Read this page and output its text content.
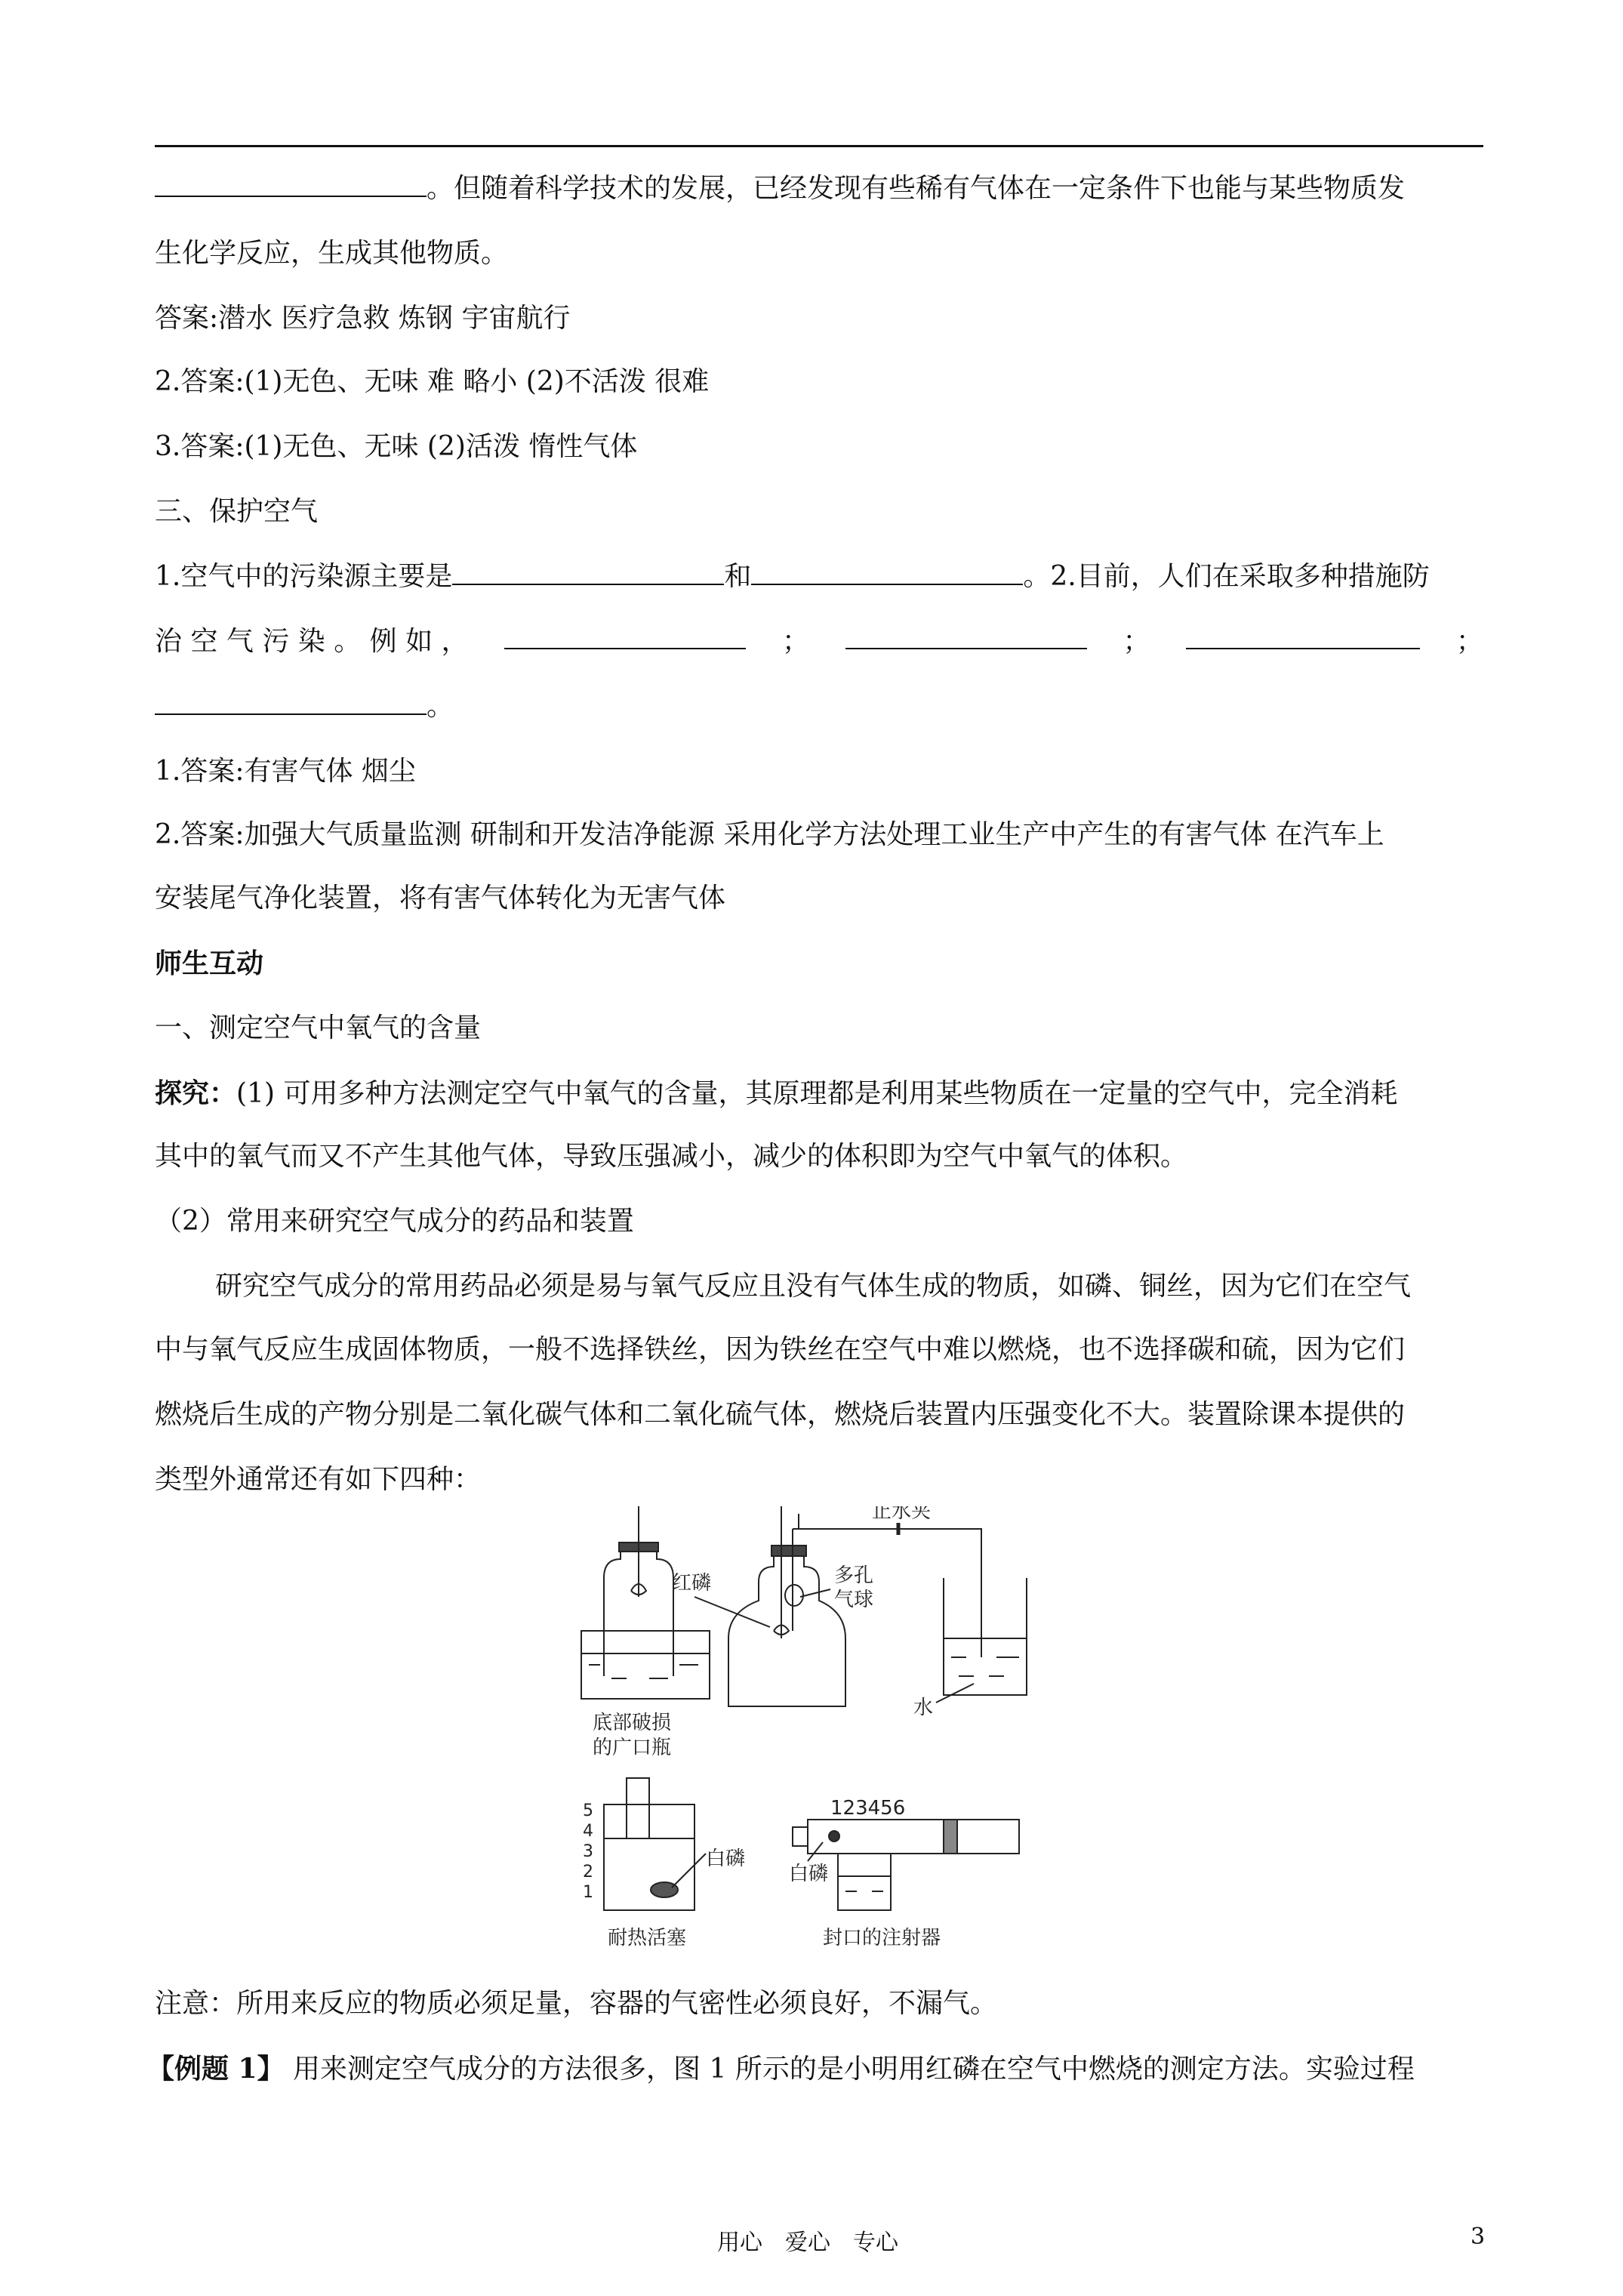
。但随着科学技术的发展，已经发现有些稀有气体在一定条件下也能与某些物质发
生化学反应，生成其他物质。
答案:潜水 医疗急救 炼钢 宇宙航行
2.答案:(1)无色、无味 难 略小 (2)不活泼 很难
3.答案:(1)无色、无味 (2)活泼 惰性气体
三、保护空气
1.空气中的污染源主要是	和	。2.目前，人们在采取多种措施防
治 空 气 污 染 。 例 如 ，	；	；	；
。
1.答案:有害气体 烟尘
2.答案:加强大气质量监测 研制和开发洁净能源 采用化学方法处理工业生产中产生的有害气体 在汽车上
安装尾气净化装置，将有害气体转化为无害气体
师生互动
一、测定空气中氧气的含量
探究：(1) 可用多种方法测定空气中氧气的含量，其原理都是利用某些物质在一定量的空气中，完全消耗
其中的氧气而又不产生其他气体，导致压强减小，减少的体积即为空气中氧气的体积。
（2）常用来研究空气成分的药品和装置
研究空气成分的常用药品必须是易与氧气反应且没有气体生成的物质，如磷、铜丝，因为它们在空气
中与氧气反应生成固体物质，一般不选择铁丝，因为铁丝在空气中难以燃烧，也不选择碳和硫，因为它们
燃烧后生成的产物分别是二氧化碳气体和二氧化硫气体，燃烧后装置内压强变化不大。装置除课本提供的
类型外通常还有如下四种：
底部破损
的广口瓶
止水夹
红磷	多孔
气球
水
5
4
3
2
1
白磷
耐热活塞
123456
白磷
封口的注射器
注意：所用来反应的物质必须足量，容器的气密性必须良好，不漏气。
【例题 1】 用来测定空气成分的方法很多，图 1 所示的是小明用红磷在空气中燃烧的测定方法。实验过程
用心　爱心　专心	3
